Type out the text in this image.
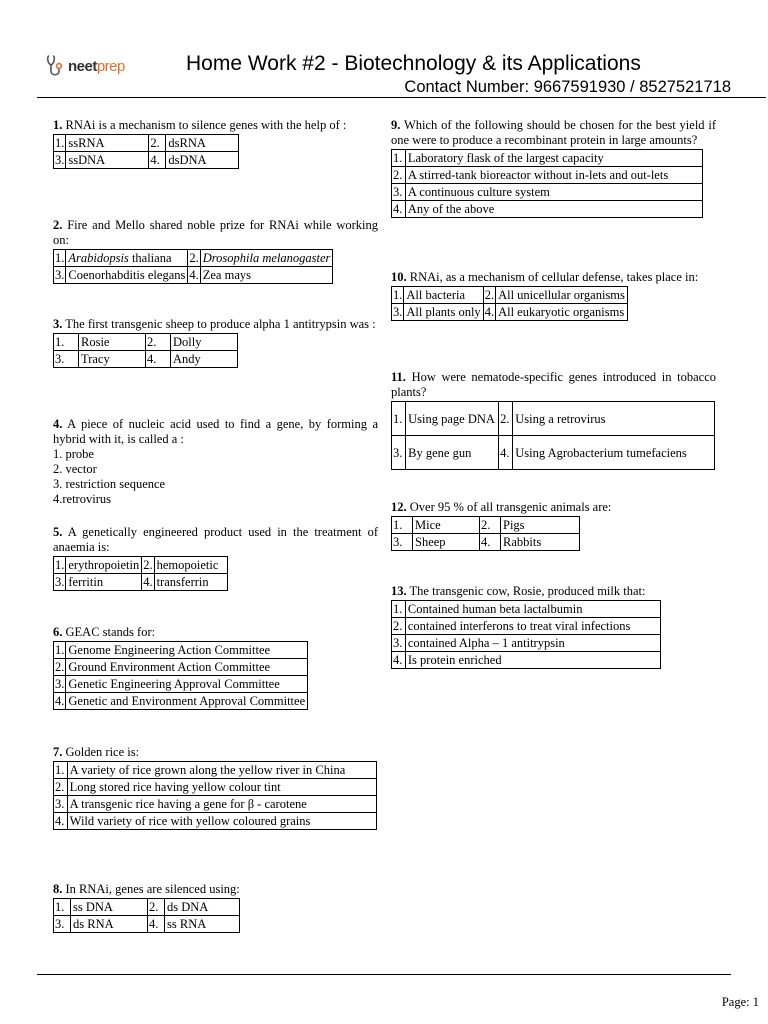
neetprep	Home Work #2 - Biotechnology & its Applications
Contact Number: 9667591930 / 8527521718

1. RNAi is a mechanism to silence genes with the help of :

1.	ssRNA	2.	dsRNA
3.	ssDNA	4.	dsDNA

2. Fire and Mello shared noble prize for RNAi while working on:

1.	Arabidopsis thaliana	2.	Drosophila melanogaster
3.	Coenorhabditis elegans	4.	Zea mays

3. The first transgenic sheep to produce alpha 1 antitrypsin was :

1.	Rosie	2.	Dolly
3.	Tracy	4.	Andy

4. A piece of nucleic acid used to find a gene, by forming a hybrid with it, is called a :

1. probe
2. vector
3. restriction sequence
4.retrovirus

5. A genetically engineered product used in the treatment of anaemia is:

1.	erythropoietin	2.	hemopoietic
3.	ferritin	4.	transferrin

6. GEAC stands for:

1.	Genome Engineering Action Committee
2.	Ground Environment Action Committee
3.	Genetic Engineering Approval Committee
4.	Genetic and Environment Approval Committee

7. Golden rice is:

1.	A variety of rice grown along the yellow river in China
2.	Long stored rice having yellow colour tint
3.	A transgenic rice having a gene for β - carotene
4.	Wild variety of rice with yellow coloured grains

8. In RNAi, genes are silenced using:

1.	ss DNA	2.	ds DNA
3.	ds RNA	4.	ss RNA

9. Which of the following should be chosen for the best yield if one were to produce a recombinant protein in large amounts?

1.	Laboratory flask of the largest capacity
2.	A stirred-tank bioreactor without in-lets and out-lets
3.	A continuous culture system
4.	Any of the above

10. RNAi, as a mechanism of cellular defense, takes place in:

1.	All bacteria	2.	All unicellular organisms
3.	All plants only	4.	All eukaryotic organisms

11. How were nematode-specific genes introduced in tobacco plants?

1.	Using page DNA	2.	Using a retrovirus
3.	By gene gun	4.	Using Agrobacterium tumefaciens

12. Over 95 % of all transgenic animals are:

1.	Mice	2.	Pigs
3.	Sheep	4.	Rabbits

13. The transgenic cow, Rosie, produced milk that:

1.	Contained human beta lactalbumin
2.	contained interferons to treat viral infections
3.	contained Alpha – 1 antitrypsin
4.	Is protein enriched
Page: 1
